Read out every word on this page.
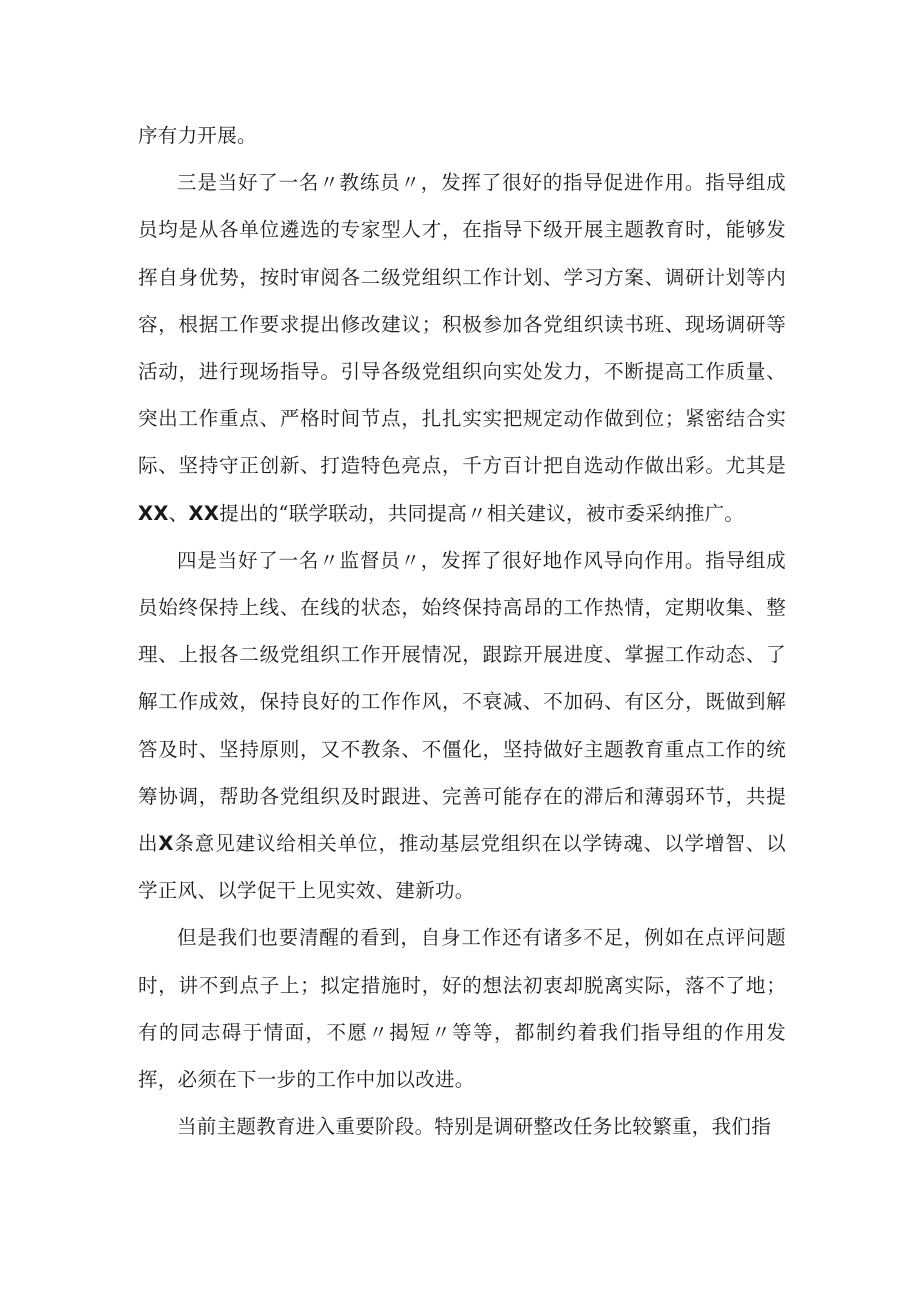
序有力开展。

三是当好了一名〃教练员〃，发挥了很好的指导促进作用。指导组成员均是从各单位遴选的专家型人才，在指导下级开展主题教育时，能够发挥自身优势，按时审阅各二级党组织工作计划、学习方案、调研计划等内容，根据工作要求提出修改建议；积极参加各党组织读书班、现场调研等活动，进行现场指导。引导各级党组织向实处发力，不断提高工作质量、突出工作重点、严格时间节点，扎扎实实把规定动作做到位；紧密结合实际、坚持守正创新、打造特色亮点，千方百计把自选动作做出彩。尤其是XX、XX提出的“联学联动，共同提高〃相关建议，被市委采纳推广。

四是当好了一名〃监督员〃，发挥了很好地作风导向作用。指导组成员始终保持上线、在线的状态，始终保持高昂的工作热情，定期收集、整理、上报各二级党组织工作开展情况，跟踪开展进度、掌握工作动态、了解工作成效，保持良好的工作作风，不衰减、不加码、有区分，既做到解答及时、坚持原则，又不教条、不僵化，坚持做好主题教育重点工作的统筹协调，帮助各党组织及时跟进、完善可能存在的滞后和薄弱环节，共提出X条意见建议给相关单位，推动基层党组织在以学铸魂、以学增智、以学正风、以学促干上见实效、建新功。

但是我们也要清醒的看到，自身工作还有诸多不足，例如在点评问题时，讲不到点子上；拟定措施时，好的想法初衷却脱离实际，落不了地；有的同志碍于情面，不愿〃揭短〃等等，都制约着我们指导组的作用发挥，必须在下一步的工作中加以改进。

当前主题教育进入重要阶段。特别是调研整改任务比较繁重，我们指
